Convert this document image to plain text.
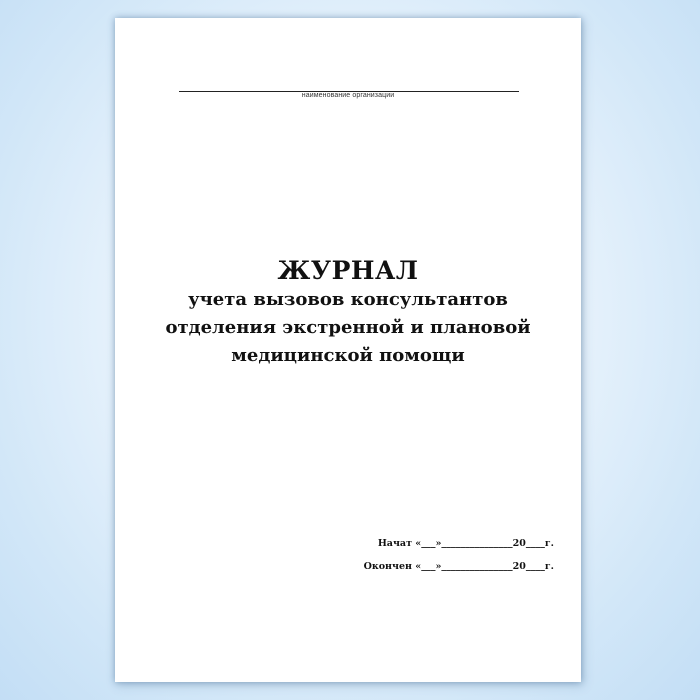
наименование организации

ЖУРНАЛ

учета вызовов консультантов

отделения экстренной и плановой

медицинской помощи

Начат «___»_______________20____г.
Окончен «___»_______________20____г.
